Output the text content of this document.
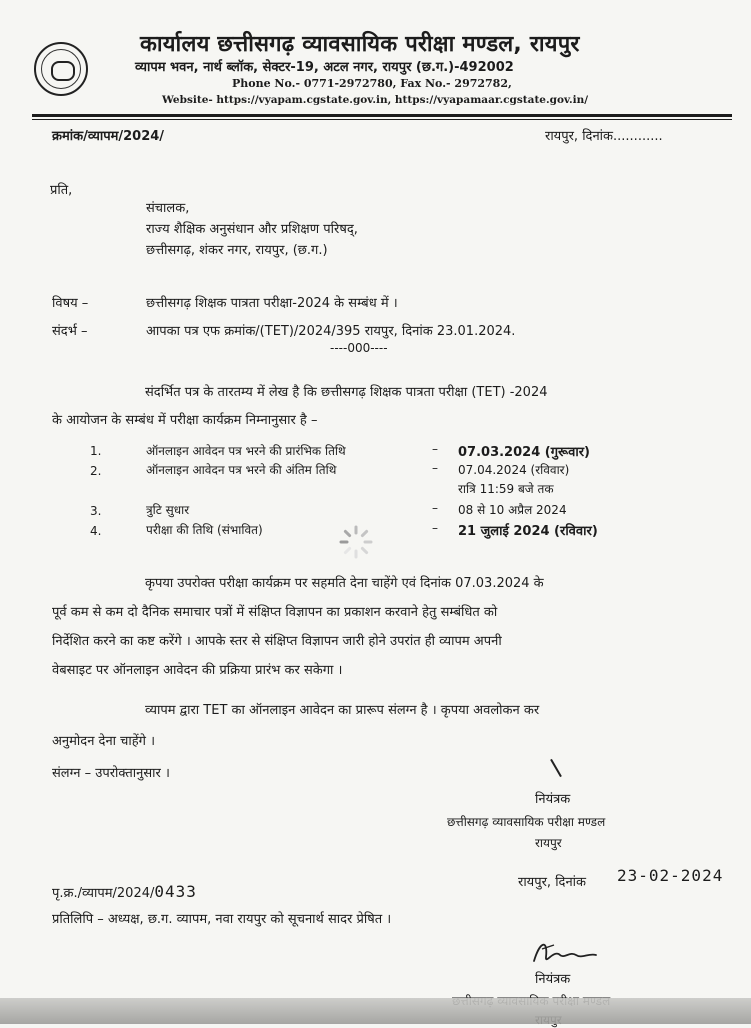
कार्यालय छत्तीसगढ़ व्यावसायिक परीक्षा मण्डल, रायपुर
व्यापम भवन, नार्थ ब्लॉक, सेक्टर-19, अटल नगर, रायपुर (छ.ग.)-492002
Phone No.- 0771-2972780, Fax No.- 2972782,
Website- https://vyapam.cgstate.gov.in, https://vyapamaar.cgstate.gov.in/
क्रमांक/व्यापम/2024/	रायपुर, दिनांक............
प्रति,
संचालक,
राज्य शैक्षिक अनुसंधान और प्रशिक्षण परिषद्,
छत्तीसगढ़, शंकर नगर, रायपुर, (छ.ग.)
विषय –	छत्तीसगढ़ शिक्षक पात्रता परीक्षा-2024 के सम्बंध में ।
संदर्भ –	आपका पत्र एफ क्रमांक/(TET)/2024/395 रायपुर, दिनांक 23.01.2024.
----000----
संदर्भित पत्र के तारतम्य में लेख है कि छत्तीसगढ़ शिक्षक पात्रता परीक्षा (TET) -2024
के आयोजन के सम्बंध में परीक्षा कार्यक्रम निम्नानुसार है –
1.	ऑनलाइन आवेदन पत्र भरने की प्रारंभिक तिथि	– 07.03.2024 (गुरूवार)
2.	ऑनलाइन आवेदन पत्र भरने की अंतिम तिथि	– 07.04.2024 (रविवार)
रात्रि 11:59 बजे तक
3.	त्रुटि सुधार	– 08 से 10 अप्रैल 2024
4.	परीक्षा की तिथि (संभावित)	– 21 जुलाई 2024 (रविवार)
कृपया उपरोक्त परीक्षा कार्यक्रम पर सहमति देना चाहेंगे एवं दिनांक 07.03.2024 के
पूर्व कम से कम दो दैनिक समाचार पत्रों में संक्षिप्त विज्ञापन का प्रकाशन करवाने हेतु सम्बंधित को
निर्देशित करने का कष्ट करेंगे । आपके स्तर से संक्षिप्त विज्ञापन जारी होने उपरांत ही व्यापम अपनी
वेबसाइट पर ऑनलाइन आवेदन की प्रक्रिया प्रारंभ कर सकेगा ।
व्यापम द्वारा TET का ऑनलाइन आवेदन का प्रारूप संलग्न है । कृपया अवलोकन कर
अनुमोदन देना चाहेंगे ।
संलग्न – उपरोक्तानुसार ।
नियंत्रक
छत्तीसगढ़ व्यावसायिक परीक्षा मण्डल
रायपुर
पृ.क्र./व्यापम/2024/0433	रायपुर, दिनांक 23-02-2024
प्रतिलिपि – अध्यक्ष, छ.ग. व्यापम, नवा रायपुर को सूचनार्थ सादर प्रेषित ।
नियंत्रक
